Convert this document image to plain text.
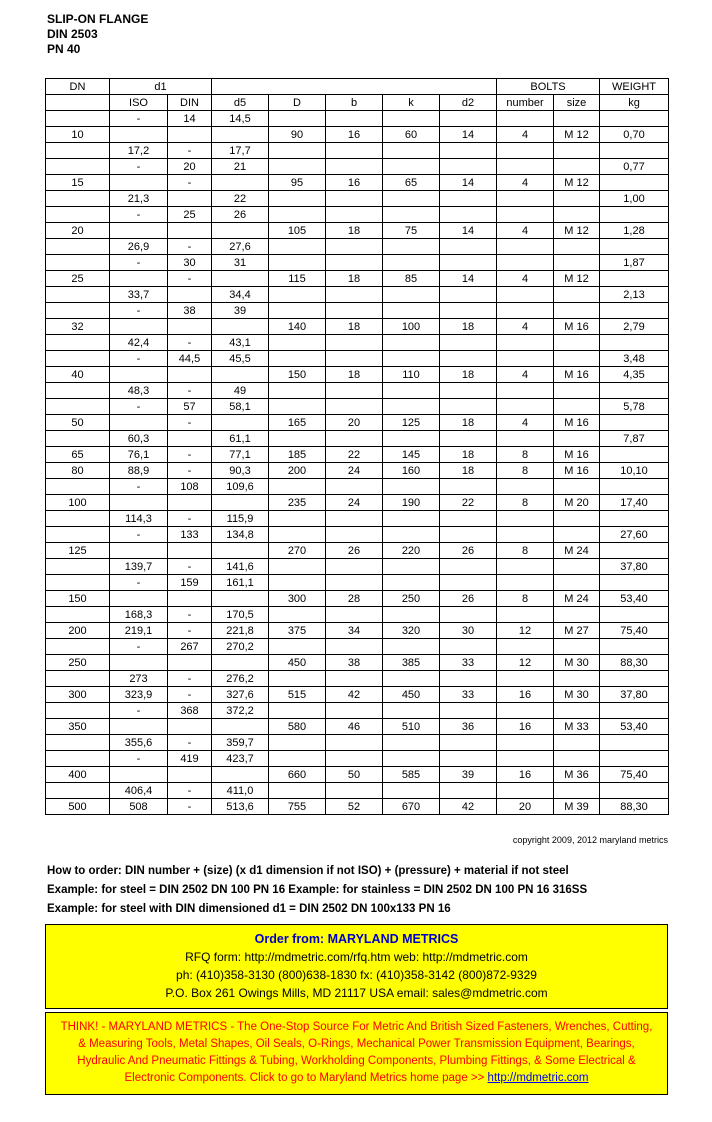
SLIP-ON FLANGE
DIN 2503
PN 40
DN	d1							BOLTS		WEIGHT
	ISO	DIN	d5	D	b	k	d2	number	size	kg
	-	14	14,5							
10				90	16	60	14	4	M 12	0,70
	17,2	-	17,7							
	-	20	21							0,77
15		-		95	16	65	14	4	M 12	
	21,3		22							1,00
	-	25	26							
20				105	18	75	14	4	M 12	1,28
	26,9	-	27,6							
	-	30	31							1,87
25		-		115	18	85	14	4	M 12	
	33,7		34,4							2,13
	-	38	39							
32				140	18	100	18	4	M 16	2,79
	42,4	-	43,1							
	-	44,5	45,5							3,48
40				150	18	110	18	4	M 16	4,35
	48,3	-	49							
	-	57	58,1							5,78
50		-		165	20	125	18	4	M 16	
	60,3		61,1							7,87
65	76,1	-	77,1	185	22	145	18	8	M 16	
80	88,9	-	90,3	200	24	160	18	8	M 16	10,10
	-	108	109,6							
100				235	24	190	22	8	M 20	17,40
	114,3	-	115,9							
	-	133	134,8							27,60
125				270	26	220	26	8	M 24	
	139,7	-	141,6							37,80
	-	159	161,1							
150				300	28	250	26	8	M 24	53,40
	168,3	-	170,5							
200	219,1	-	221,8	375	34	320	30	12	M 27	75,40
	-	267	270,2							
250				450	38	385	33	12	M 30	88,30
	273	-	276,2							
300	323,9	-	327,6	515	42	450	33	16	M 30	37,80
	-	368	372,2							
350				580	46	510	36	16	M 33	53,40
	355,6	-	359,7							
	-	419	423,7							
400				660	50	585	39	16	M 36	75,40
	406,4	-	411,0							
500	508	-	513,6	755	52	670	42	20	M 39	88,30
copyright 2009, 2012 maryland metrics
How to order: DIN number + (size) (x d1 dimension if not ISO) + (pressure) + material if not steel
Example: for steel = DIN 2502 DN 100 PN 16 Example: for stainless = DIN 2502 DN 100 PN 16 316SS
Example: for steel with DIN dimensioned d1 = DIN 2502 DN 100x133 PN 16
Order from: MARYLAND METRICS
RFQ form: http://mdmetric.com/rfq.htm web: http://mdmetric.com
ph: (410)358-3130 (800)638-1830 fx: (410)358-3142 (800)872-9329
P.O. Box 261 Owings Mills, MD 21117 USA email: sales@mdmetric.com
THINK! - MARYLAND METRICS - The One-Stop Source For Metric And British Sized Fasteners, Wrenches, Cutting, & Measuring Tools, Metal Shapes, Oil Seals, O-Rings, Mechanical Power Transmission Equipment, Bearings, Hydraulic And Pneumatic Fittings & Tubing, Workholding Components, Plumbing Fittings, & Some Electrical & Electronic Components. Click to go to Maryland Metrics home page >> http://mdmetric.com
